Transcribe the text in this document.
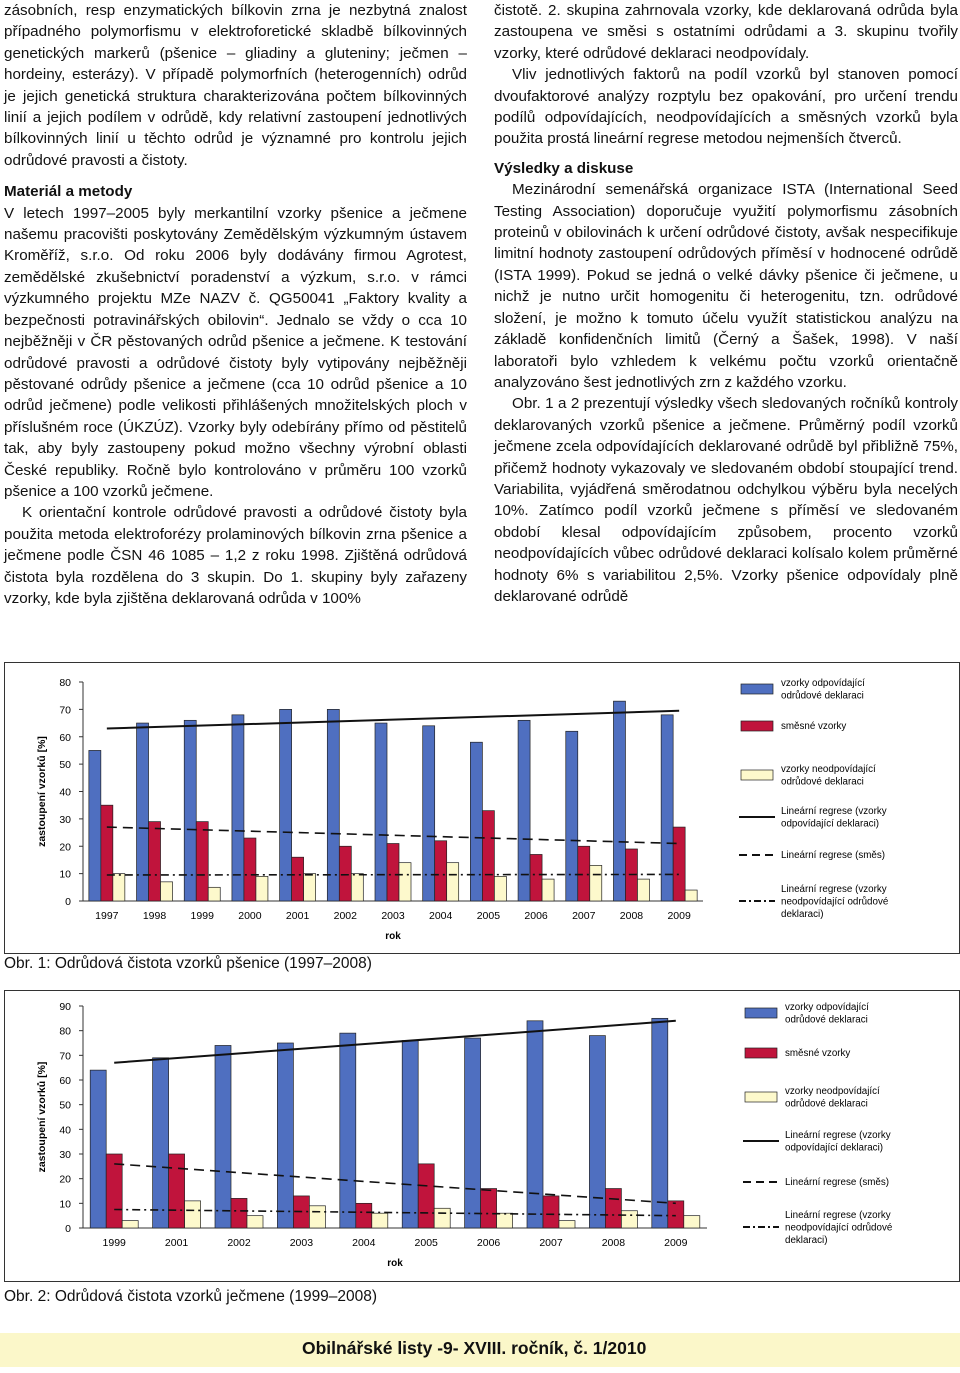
zásobních, resp enzymatických bílkovin zrna je nezbytná znalost případného polymorfismu v elektroforetické skladbě bílkovinných genetických markerů (pšenice – gliadiny a gluteniny; ječmen – hordeiny, esterázy). V případě polymorfních (heterogenních) odrůd je jejich genetická struktura charakterizována počtem bílkovinných linií a jejich podílem v odrůdě, kdy relativní zastoupení jednotlivých bílkovinných linií u těchto odrůd je významné pro kontrolu jejich odrůdové pravosti a čistoty.

Materiál a metody

V letech 1997–2005 byly merkantilní vzorky pšenice a ječmene našemu pracovišti poskytovány Zemědělským výzkumným ústavem Kroměříž, s.r.o. Od roku 2006 byly dodávány firmou Agrotest, zemědělské zkušebnictví poradenství a výzkum, s.r.o. v rámci výzkumného projektu MZe NAZV č. QG50041 „Faktory kvality a bezpečnosti potravinářských obilovin“. Jednalo se vždy o cca 10 nejběžněji v ČR pěstovaných odrůd pšenice a ječmene. K testování odrůdové pravosti a odrůdové čistoty byly vytipovány nejběžněji pěstované odrůdy pšenice a ječmene (cca 10 odrůd pšenice a 10 odrůd ječmene) podle velikosti přihlášených množitelských ploch v příslušném roce (ÚKZÚZ). Vzorky byly odebírány přímo od pěstitelů tak, aby byly zastoupeny pokud možno všechny výrobní oblasti České republiky. Ročně bylo kontrolováno v průměru 100 vzorků pšenice a 100 vzorků ječmene.

K orientační kontrole odrůdové pravosti a odrůdové čistoty byla použita metoda elektroforézy prolaminových bílkovin zrna pšenice a ječmene podle ČSN 46 1085 – 1,2 z roku 1998. Zjištěná odrůdová čistota byla rozdělena do 3 skupin. Do 1. skupiny byly zařazeny vzorky, kde byla zjištěna deklarovaná odrůda v 100%

čistotě. 2. skupina zahrnovala vzorky, kde deklarovaná odrůda byla zastoupena ve směsi s ostatními odrůdami a 3. skupinu tvořily vzorky, které odrůdové deklaraci neodpovídaly.

Vliv jednotlivých faktorů na podíl vzorků byl stanoven pomocí dvoufaktorové analýzy rozptylu bez opakování, pro určení trendu podílů odpovídajících, neodpovídajících a směsných vzorků byla použita prostá lineární regrese metodou nejmenších čtverců.

Výsledky a diskuse

Mezinárodní semenářská organizace ISTA (International Seed Testing Association) doporučuje využití polymorfismu zásobních proteinů v obilovinách k určení odrůdové čistoty, avšak nespecifikuje limitní hodnoty zastoupení odrůdových příměsí v hodnocené odrůdě (ISTA 1999). Pokud se jedná o velké dávky pšenice či ječmene, u nichž je nutno určit homogenitu či heterogenitu, tzn. odrůdové složení, je možno k tomuto účelu využít statistickou analýzu na základě konfidenčních limitů (Černý a Šašek, 1998). V naší laboratoři bylo vzhledem k velkému počtu vzorků orientačně analyzováno šest jednotlivých zrn z každého vzorku.

Obr. 1 a 2 prezentují výsledky všech sledovaných ročníků kontroly deklarovaných vzorků pšenice a ječmene. Průměrný podíl vzorků ječmene zcela odpovídajících deklarované odrůdě byl přibližně 75%, přičemž hodnoty vykazovaly ve sledovaném období stoupající trend. Variabilita, vyjádřená směrodatnou odchylkou výběru byla necelých 10%. Zatímco podíl vzorků ječmene s příměsí ve sledovaném období klesal odpovídajícím způsobem, procento vzorků neodpovídajících vůbec odrůdové deklaraci kolísalo kolem průměrné hodnoty 6% s variabilitou 2,5%. Vzorky pšenice odpovídaly plně deklarované odrůdě

0
10
20
30
40
50
60
70
80
zastoupení vzorků [%]
1997 1998 1999 2000 2001 2002 2003 2004 2005 2006 2007 2008 2009
rok
vzorky odpovídající odrůdové deklaraci
směsné vzorky
vzorky neodpovídající odrůdové deklaraci
Lineární regrese (vzorky odpovídající deklaraci)
Lineární regrese (směs)
Lineární regrese (vzorky neodpovídající odrůdové deklaraci)
Obr. 1: Odrůdová čistota vzorků pšenice (1997–2008)
0
10
20
30
40
50
60
70
80
90
zastoupení vzorků [%]
1999	2001	2002	2003	2004	2005	2006	2007	2008	2009
rok
vzorky odpovídající odrůdové deklaraci
směsné vzorky
vzorky neodpovídající odrůdové deklaraci
Lineární regrese (vzorky odpovídající deklaraci)
Lineární regrese (směs)
Lineární regrese (vzorky neodpovídající odrůdové deklaraci)
Obr. 2: Odrůdová čistota vzorků ječmene (1999–2008)
Obilnářské listy -9- XVIII. ročník, č. 1/2010
